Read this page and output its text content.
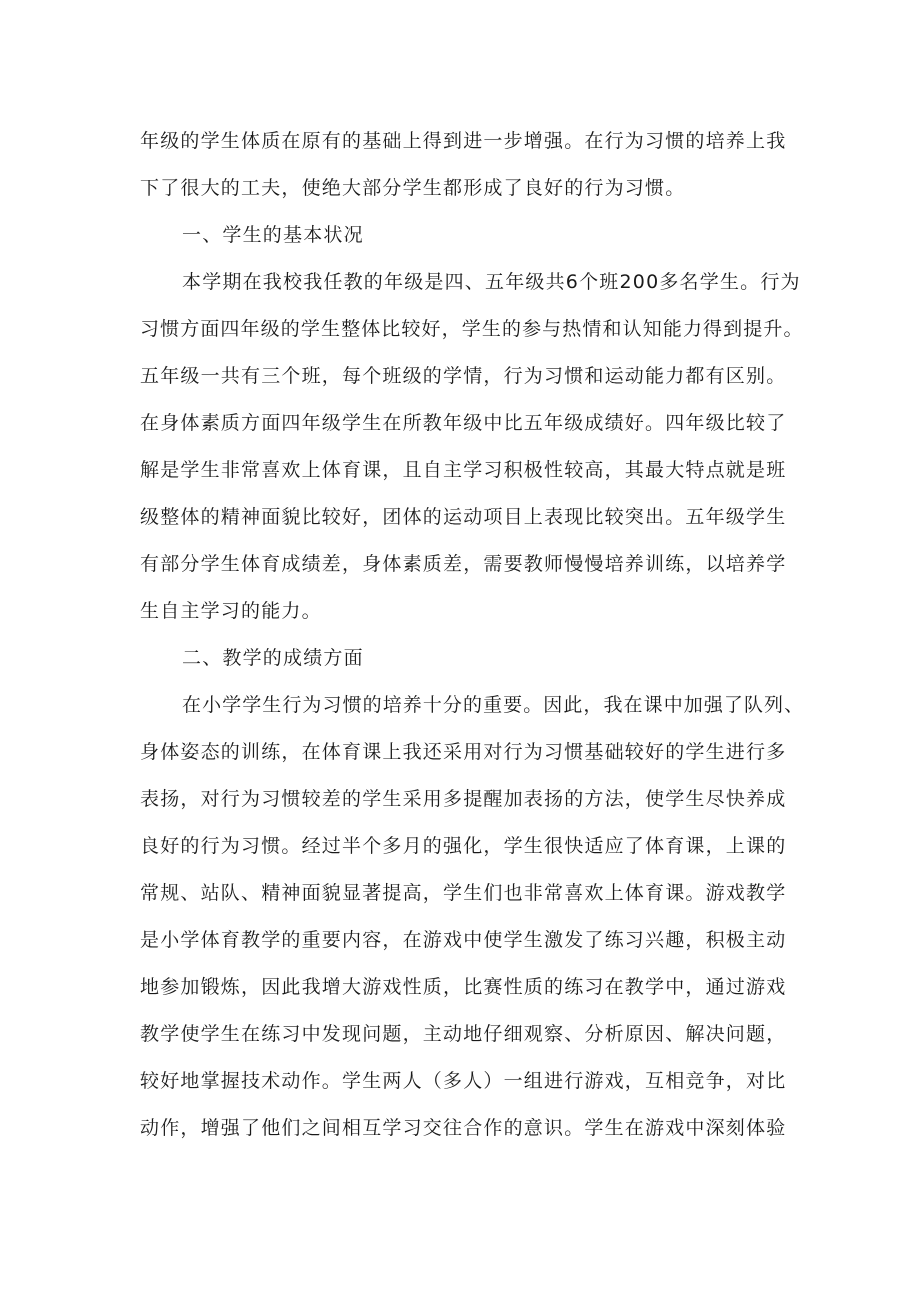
年级的学生体质在原有的基础上得到进一步增强。在行为习惯的培养上我
下了很大的工夫，使绝大部分学生都形成了良好的行为习惯。
一、学生的基本状况
本学期在我校我任教的年级是四、五年级共6个班200多名学生。行为
习惯方面四年级的学生整体比较好，学生的参与热情和认知能力得到提升。
五年级一共有三个班，每个班级的学情，行为习惯和运动能力都有区别。
在身体素质方面四年级学生在所教年级中比五年级成绩好。四年级比较了
解是学生非常喜欢上体育课，且自主学习积极性较高，其最大特点就是班
级整体的精神面貌比较好，团体的运动项目上表现比较突出。五年级学生
有部分学生体育成绩差，身体素质差，需要教师慢慢培养训练，以培养学
生自主学习的能力。
二、教学的成绩方面
在小学学生行为习惯的培养十分的重要。因此，我在课中加强了队列、
身体姿态的训练，在体育课上我还采用对行为习惯基础较好的学生进行多
表扬，对行为习惯较差的学生采用多提醒加表扬的方法，使学生尽快养成
良好的行为习惯。经过半个多月的强化，学生很快适应了体育课，上课的
常规、站队、精神面貌显著提高，学生们也非常喜欢上体育课。游戏教学
是小学体育教学的重要内容，在游戏中使学生激发了练习兴趣，积极主动
地参加锻炼，因此我增大游戏性质，比赛性质的练习在教学中，通过游戏
教学使学生在练习中发现问题，主动地仔细观察、分析原因、解决问题，
较好地掌握技术动作。学生两人（多人）一组进行游戏，互相竞争，对比
动作，增强了他们之间相互学习交往合作的意识。学生在游戏中深刻体验
